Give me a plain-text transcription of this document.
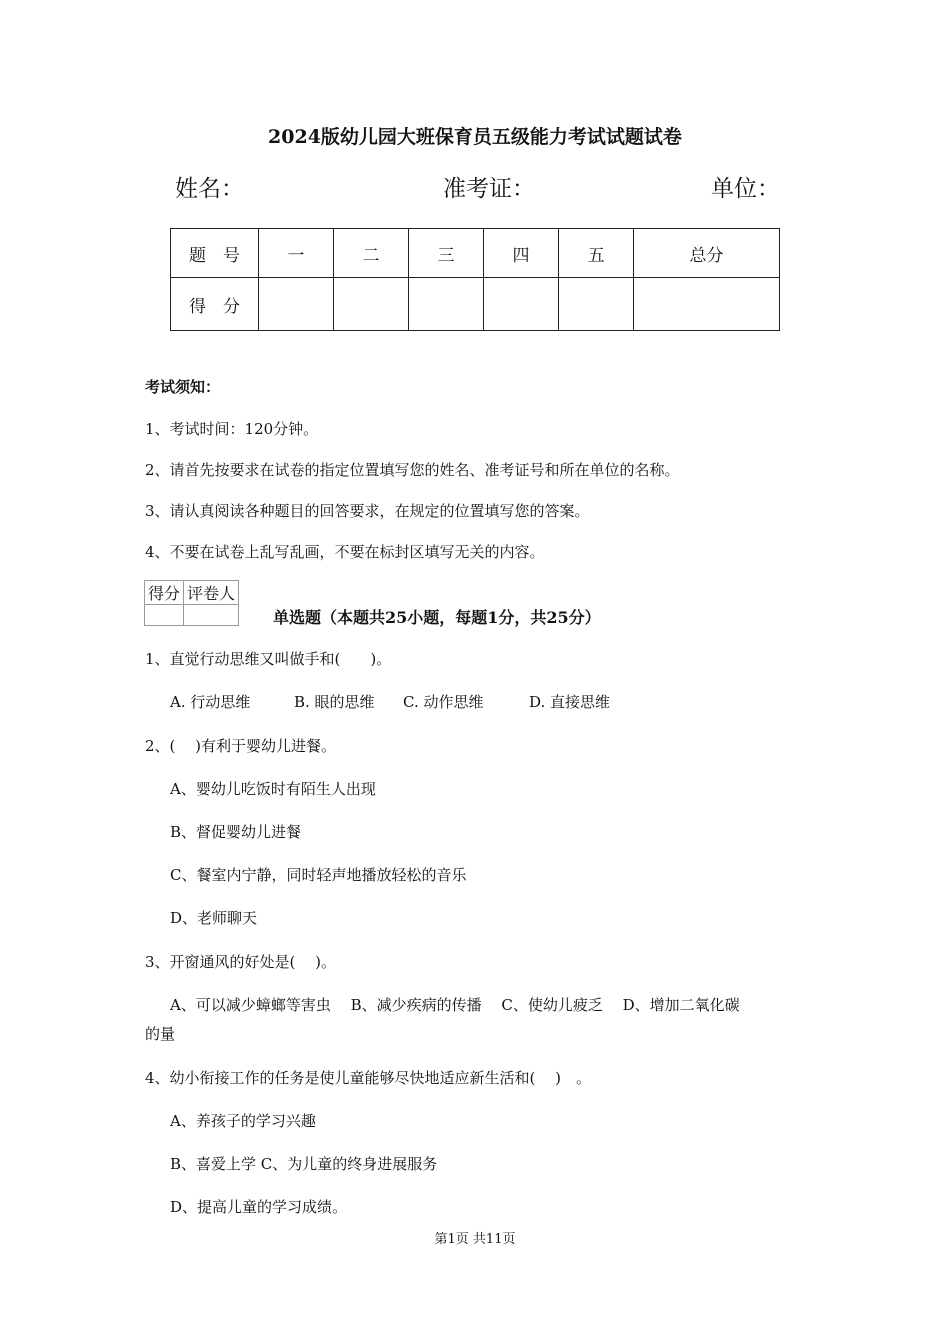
2024版幼儿园大班保育员五级能力考试试题试卷
姓名：	准考证：	单位：
题　号	一	二	三	四	五	总分
得　分						
考试须知：
1、考试时间：120分钟。
2、请首先按要求在试卷的指定位置填写您的姓名、准考证号和所在单位的名称。
3、请认真阅读各种题目的回答要求，在规定的位置填写您的答案。
4、不要在试卷上乱写乱画，不要在标封区填写无关的内容。
得分	评卷人

单选题（本题共25小题，每题1分，共25分）
1、直觉行动思维又叫做手和(　　)。
A. 行动思维	B. 眼的思维 C. 动作思维	D. 直接思维
2、(　 )有利于婴幼儿进餐。
A、婴幼儿吃饭时有陌生人出现
B、督促婴幼儿进餐
C、餐室内宁静，同时轻声地播放轻松的音乐
D、老师聊天
3、开窗通风的好处是(　 )。
A、可以减少蟑螂等害虫　 B、减少疾病的传播　 C、使幼儿疲乏　 D、增加二氧化碳
的量
4、幼小衔接工作的任务是使儿童能够尽快地适应新生活和(　 )　。
A、养孩子的学习兴趣
B、喜爱上学 C、为儿童的终身进展服务
D、提高儿童的学习成绩。
第1页 共11页
